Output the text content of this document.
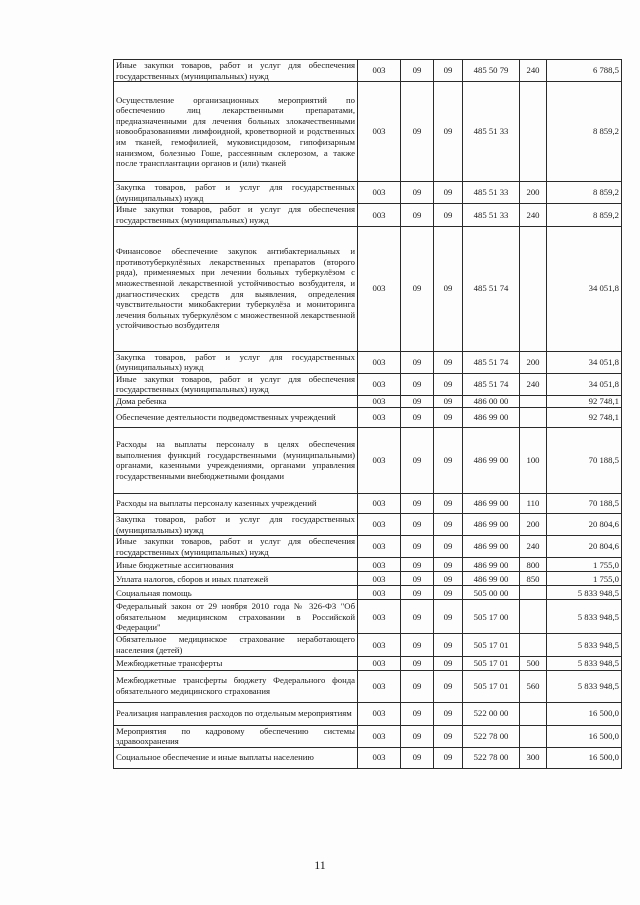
Иные закупки товаров, работ и услуг для обеспечения государственных (муниципальных) нужд	003	09	09	485 50 79	240	6 788,5
Осуществление организационных мероприятий по обеспечению лиц лекарственными препаратами, предназначенными для лечения больных злокачественными новообразованиями лимфоидной, кроветворной и родственных им тканей, гемофилией, муковисцидозом, гипофизарным нанизмом, болезнью Гоше, рассеянным склерозом, а также после трансплантации органов и (или) тканей	003	09	09	485 51 33		8 859,2
Закупка товаров, работ и услуг для государственных (муниципальных) нужд	003	09	09	485 51 33	200	8 859,2
Иные закупки товаров, работ и услуг для обеспечения государственных (муниципальных) нужд	003	09	09	485 51 33	240	8 859,2
Финансовое обеспечение закупок антибактериальных и противотуберкулёзных лекарственных препаратов (второго ряда), применяемых при лечении больных туберкулёзом с множественной лекарственной устойчивостью возбудителя, и диагностических средств для выявления, определения чувствительности микобактерии туберкулёза и мониторинга лечения больных туберкулёзом с множественной лекарственной устойчивостью возбудителя	003	09	09	485 51 74		34 051,8
Закупка товаров, работ и услуг для государственных (муниципальных) нужд	003	09	09	485 51 74	200	34 051,8
Иные закупки товаров, работ и услуг для обеспечения государственных (муниципальных) нужд	003	09	09	485 51 74	240	34 051,8
Дома ребенка	003	09	09	486 00 00		92 748,1
Обеспечение деятельности подведомственных учреждений	003	09	09	486 99 00		92 748,1
Расходы на выплаты персоналу в целях обеспечения выполнения функций государственными (муниципальными) органами, казенными учреждениями, органами управления государственными внебюджетными фондами	003	09	09	486 99 00	100	70 188,5
Расходы на выплаты персоналу казенных учреждений	003	09	09	486 99 00	110	70 188,5
Закупка товаров, работ и услуг для государственных (муниципальных) нужд	003	09	09	486 99 00	200	20 804,6
Иные закупки товаров, работ и услуг для обеспечения государственных (муниципальных) нужд	003	09	09	486 99 00	240	20 804,6
Иные бюджетные ассигнования	003	09	09	486 99 00	800	1 755,0
Уплата налогов, сборов и иных платежей	003	09	09	486 99 00	850	1 755,0
Социальная помощь	003	09	09	505 00 00		5 833 948,5
Федеральный закон от 29 ноября 2010 года № 326-ФЗ "Об обязательном медицинском страховании в Российской Федерации"	003	09	09	505 17 00		5 833 948,5
Обязательное медицинское страхование неработающего населения (детей)	003	09	09	505 17 01		5 833 948,5
Межбюджетные трансферты	003	09	09	505 17 01	500	5 833 948,5
Межбюджетные трансферты бюджету Федерального фонда обязательного медицинского страхования	003	09	09	505 17 01	560	5 833 948,5
Реализация направления расходов по отдельным мероприятиям	003	09	09	522 00 00		16 500,0
Мероприятия по кадровому обеспечению системы здравоохранения	003	09	09	522 78 00		16 500,0
Социальное обеспечение и иные выплаты населению	003	09	09	522 78 00	300	16 500,0
11
